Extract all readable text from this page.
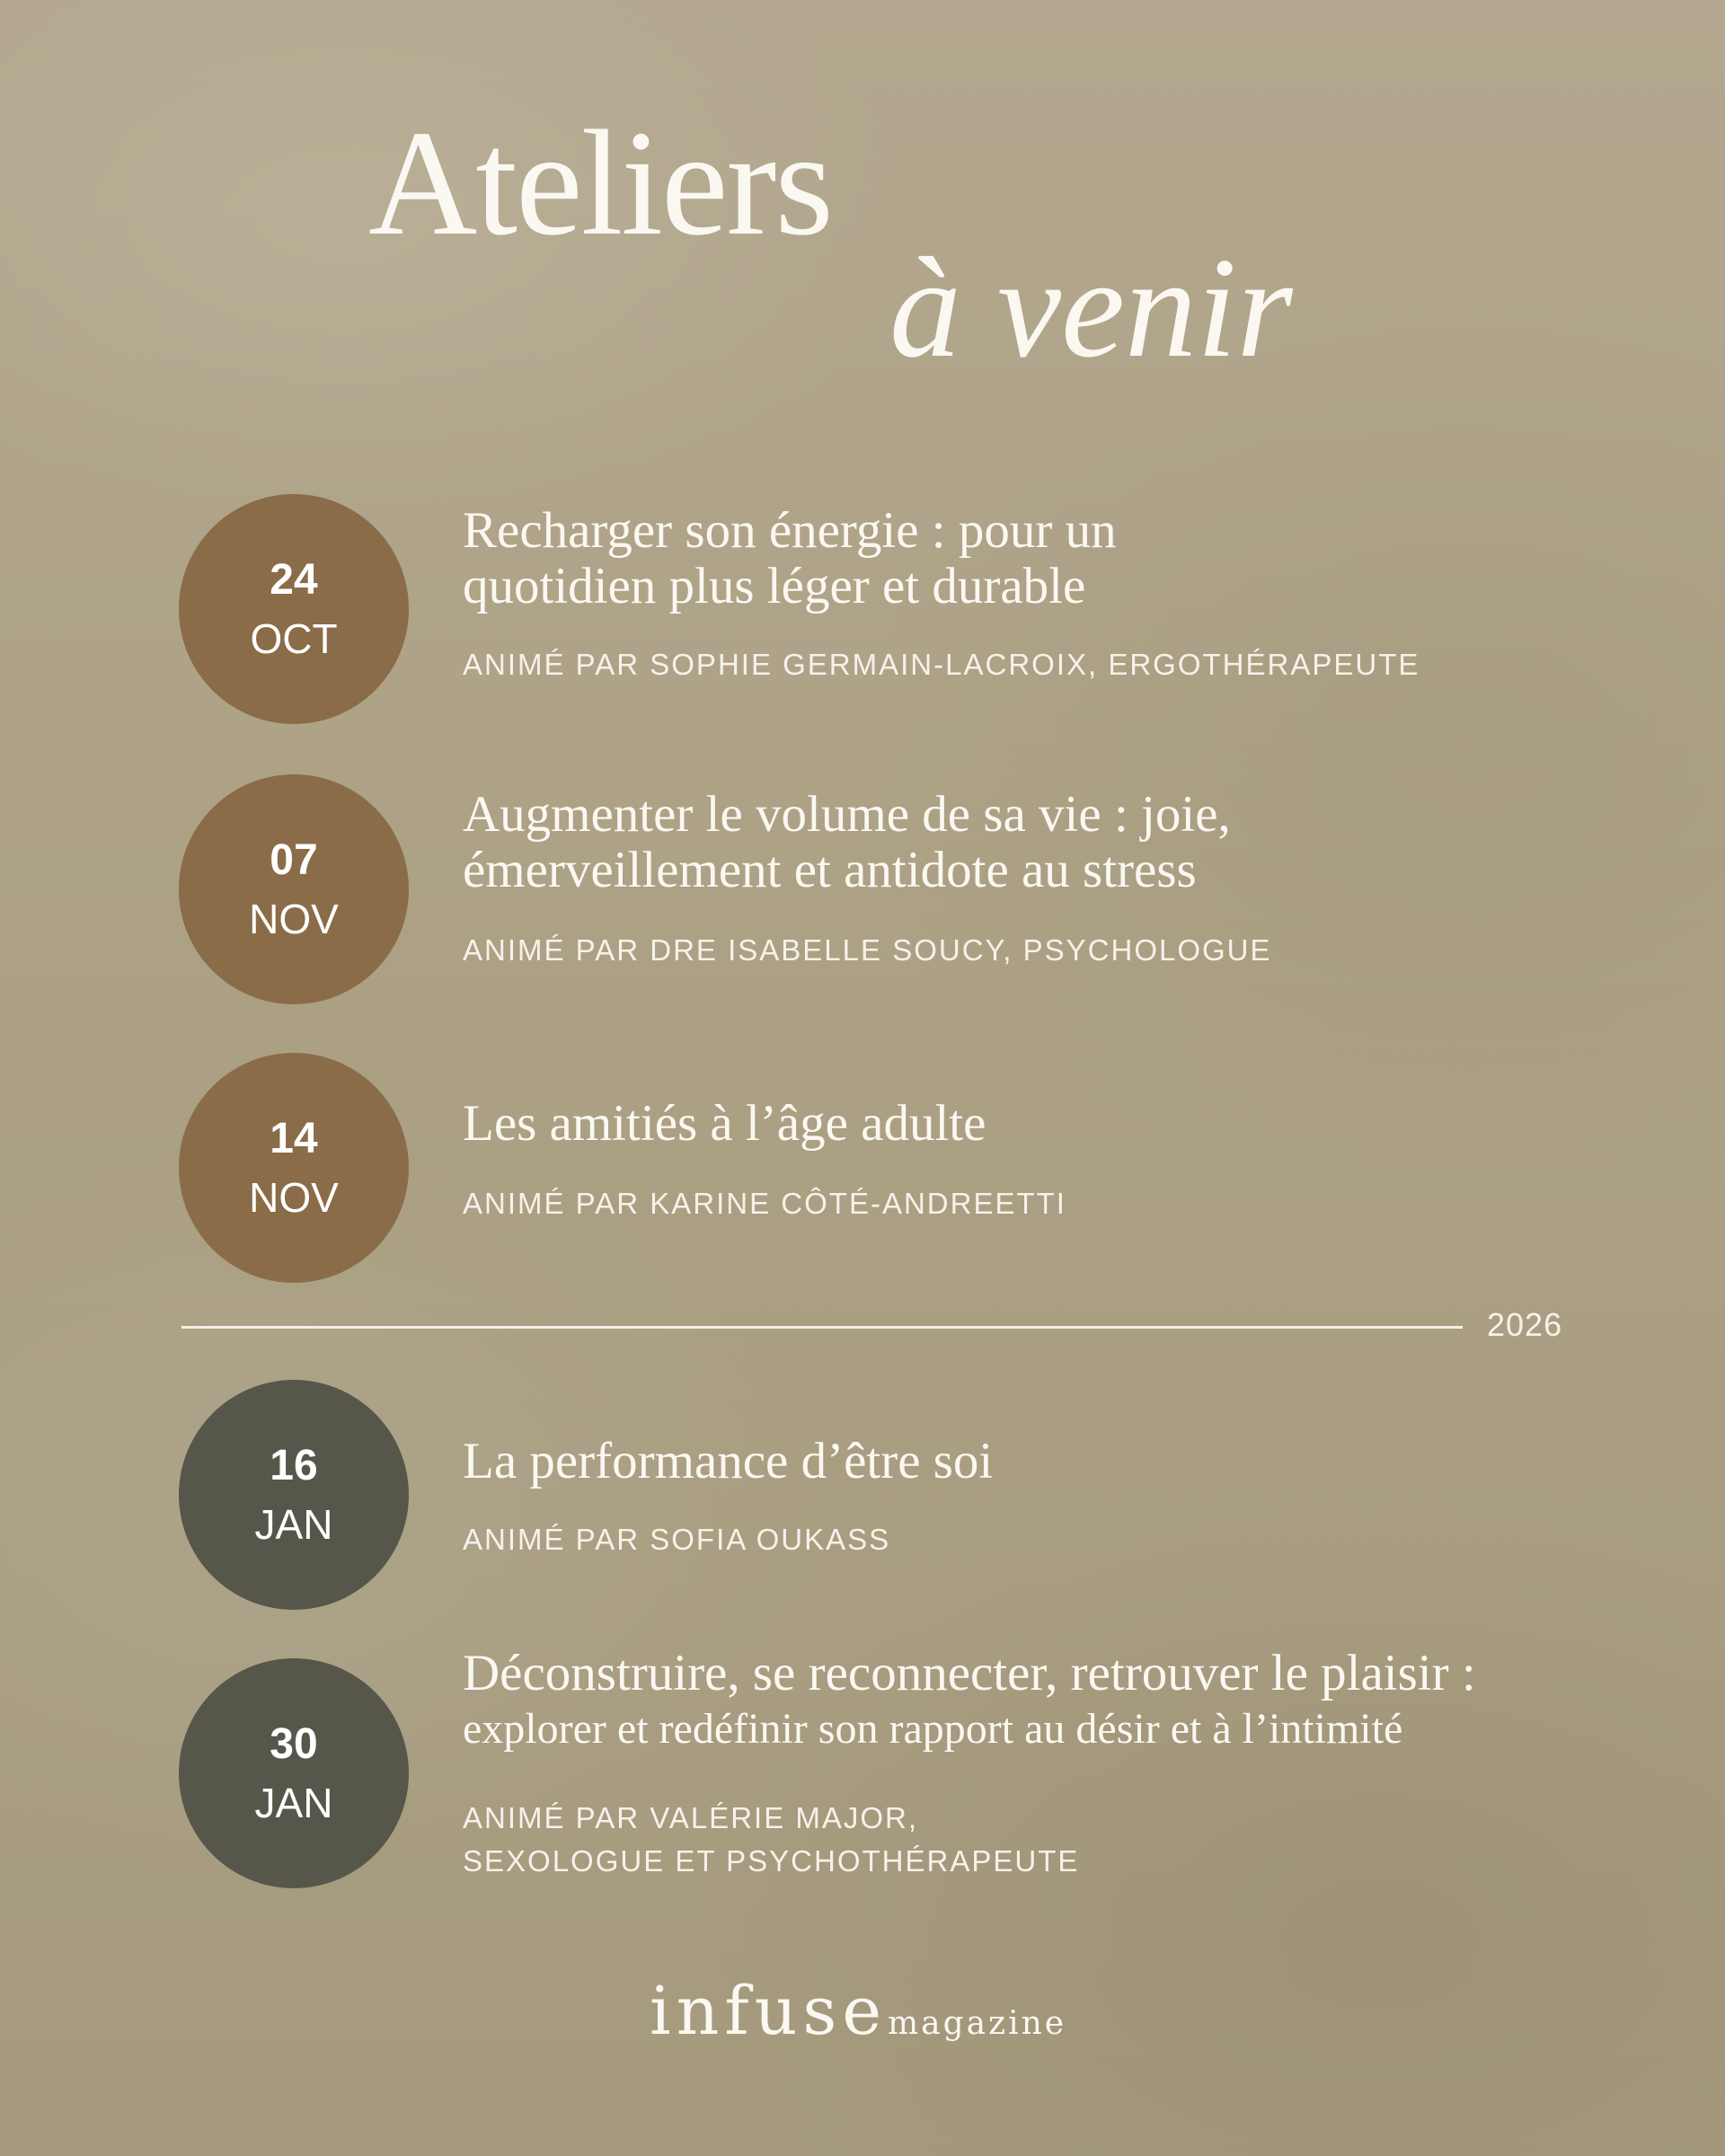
Ateliers
à venir
24
OCT
Recharger son énergie : pour un
quotidien plus léger et durable
ANIMÉ PAR SOPHIE GERMAIN-LACROIX, ERGOTHÉRAPEUTE
07
NOV
Augmenter le volume de sa vie : joie,
émerveillement et antidote au stress
ANIMÉ PAR DRE ISABELLE SOUCY, PSYCHOLOGUE
14
NOV
Les amitiés à l’âge adulte
ANIMÉ PAR KARINE CÔTÉ-ANDREETTI
2026
16
JAN
La performance d’être soi
ANIMÉ PAR SOFIA OUKASS
30
JAN
Déconstruire, se reconnecter, retrouver le plaisir :
explorer et redéfinir son rapport au désir et à l’intimité
ANIMÉ PAR VALÉRIE MAJOR,
SEXOLOGUE ET PSYCHOTHÉRAPEUTE
infuse magazine
